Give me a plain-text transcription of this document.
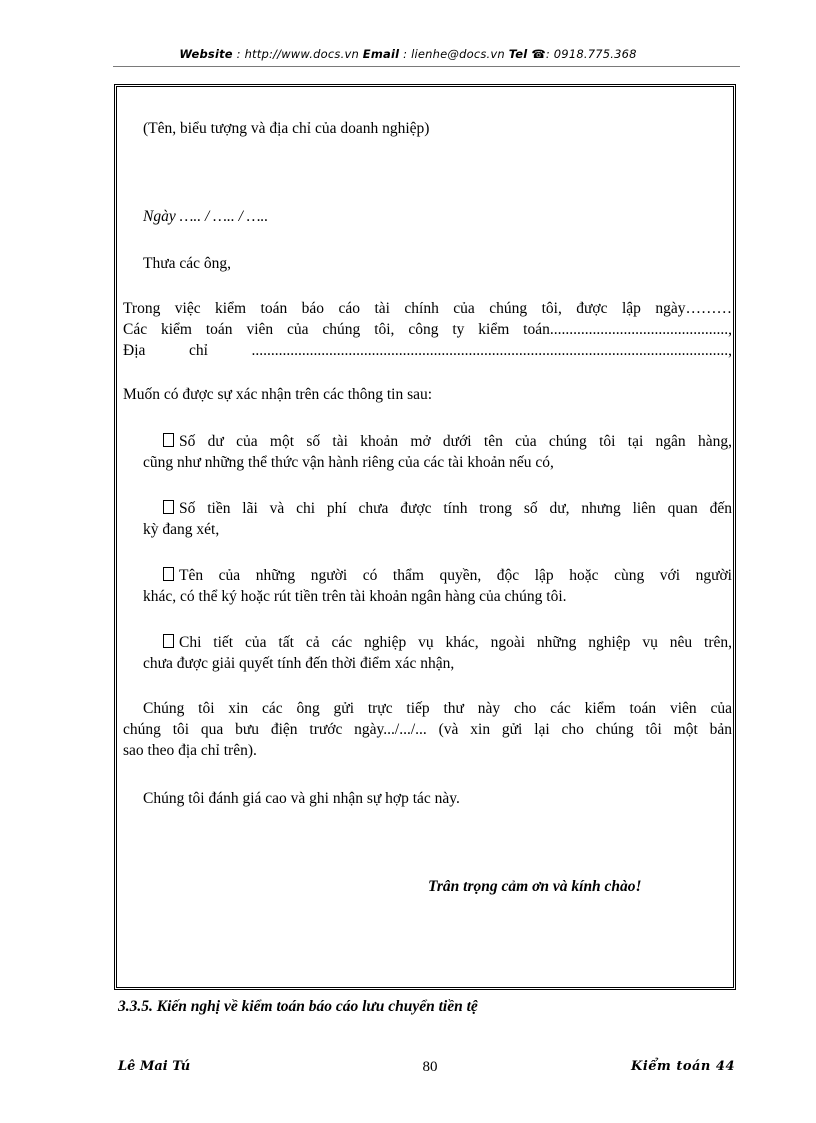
Website : http://www.docs.vn Email : lienhe@docs.vn Tel ☎: 0918.775.368
(Tên, biểu tượng và địa chỉ của doanh nghiệp)
Ngày ….. / ….. / …..
Thưa các ông,
Trong việc kiểm toán báo cáo tài chính của chúng tôi, được lập ngày………
Các kiểm toán viên của chúng tôi, công ty kiểm toán..............................................,
Địa chỉ ...........................................................................................................................,
Muốn có được sự xác nhận trên các thông tin sau:
Số dư của một số tài khoản mở dưới tên của chúng tôi tại ngân hàng,
cũng như những thể thức vận hành riêng của các tài khoản nếu có,
Số tiền lãi và chi phí chưa được tính trong số dư, nhưng liên quan đến
kỳ đang xét,
Tên của những người có thẩm quyền, độc lập hoặc cùng với người
khác, có thể ký hoặc rút tiền trên tài khoản ngân hàng của chúng tôi.
Chi tiết của tất cả các nghiệp vụ khác, ngoài những nghiệp vụ nêu trên,
chưa được giải quyết tính đến thời điểm xác nhận,
Chúng tôi xin các ông gửi trực tiếp thư này cho các kiểm toán viên của
chúng tôi qua bưu điện trước ngày.../.../... (và xin gửi lại cho chúng tôi một bản
sao theo địa chỉ trên).
Chúng tôi đánh giá cao và ghi nhận sự hợp tác này.
Trân trọng cảm ơn và kính chào!
3.3.5. Kiến nghị về kiểm toán báo cáo lưu chuyển tiền tệ
Lê Mai Tú	80	Kiểm toán 44
